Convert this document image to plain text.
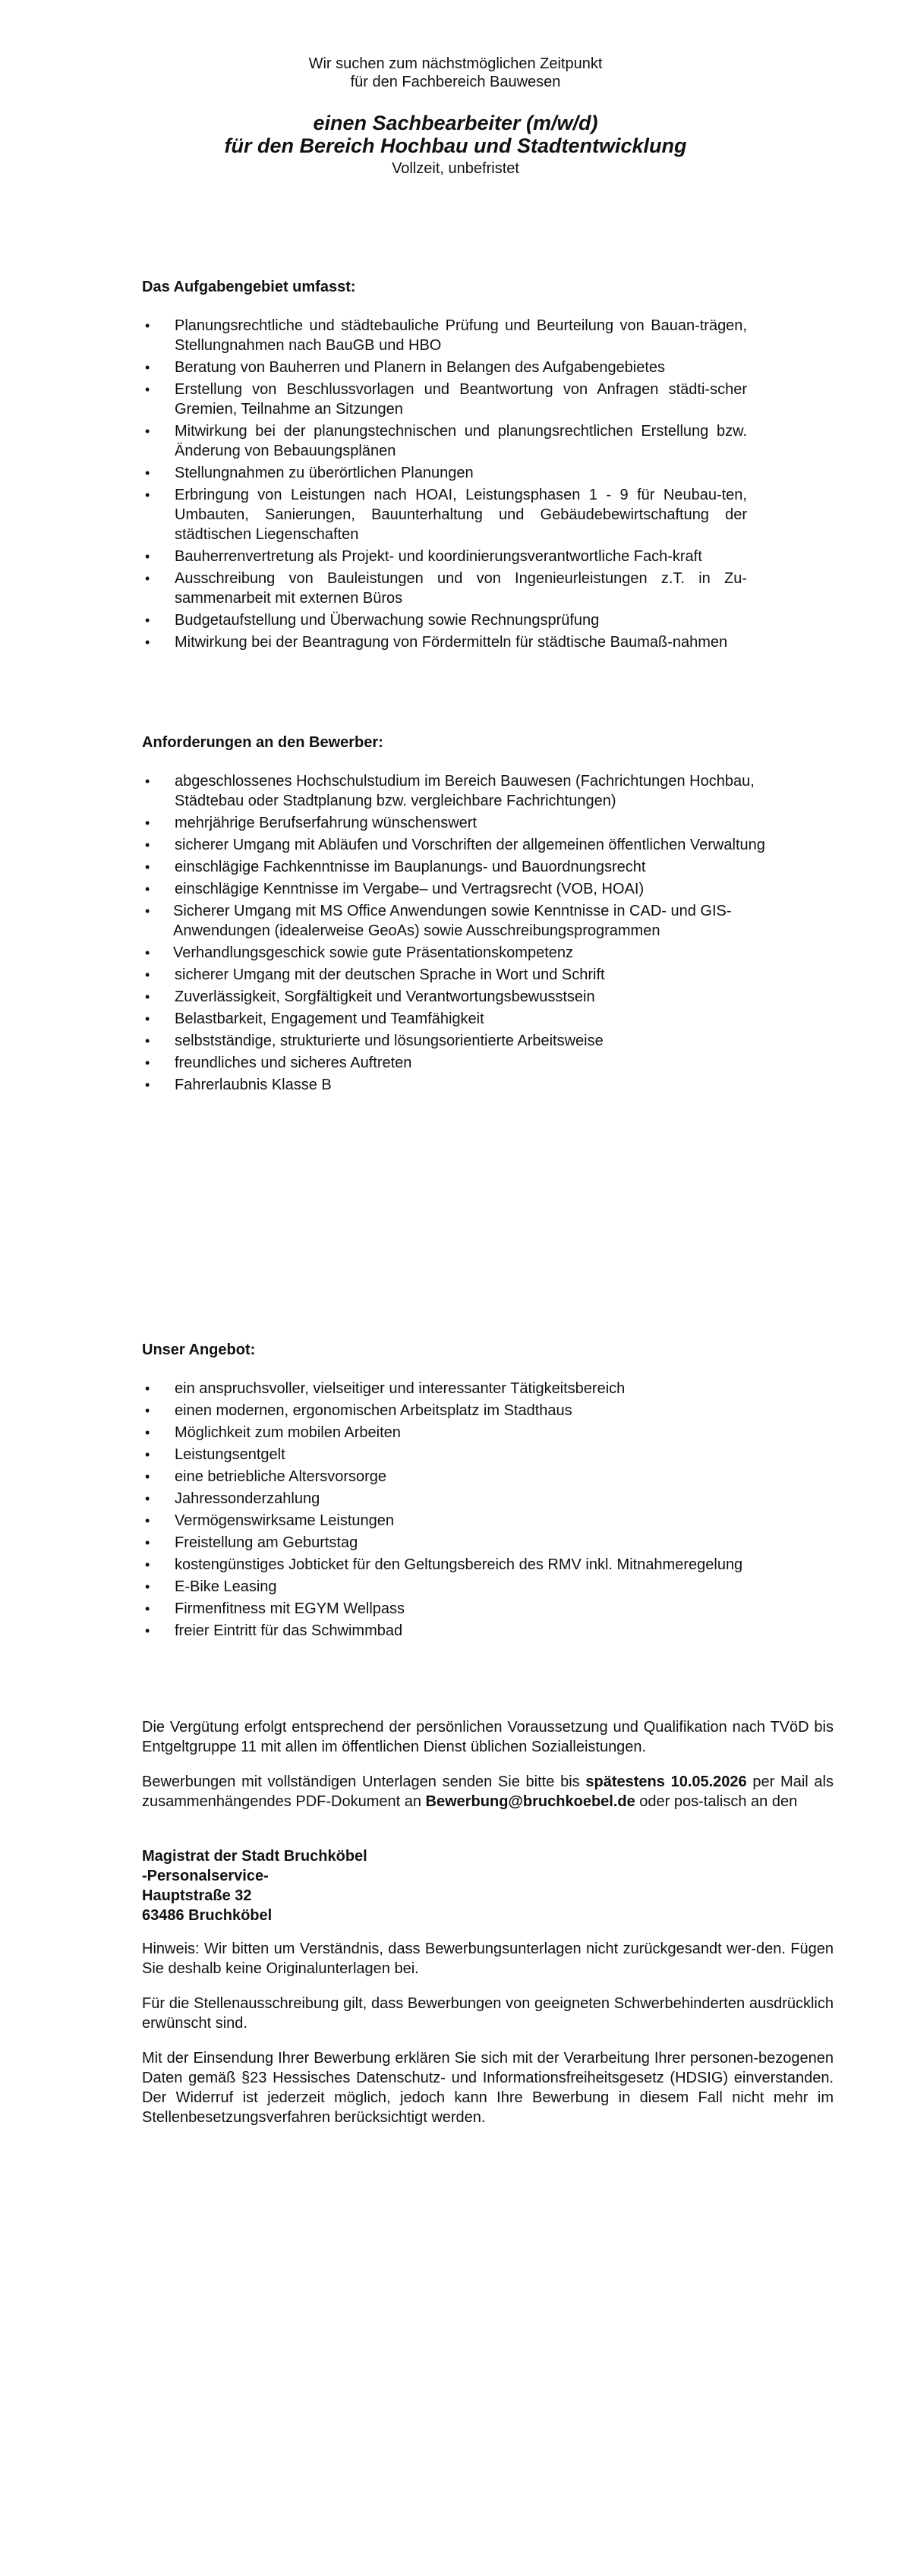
Wir suchen zum nächstmöglichen Zeitpunkt
für den Fachbereich Bauwesen
einen Sachbearbeiter (m/w/d)
für den Bereich Hochbau und Stadtentwicklung
Vollzeit, unbefristet
Das Aufgabengebiet umfasst:
• Planungsrechtliche und städtebauliche Prüfung und Beurteilung von Bauan-trägen, Stellungnahmen nach BauGB und HBO
• Beratung von Bauherren und Planern in Belangen des Aufgabengebietes
• Erstellung von Beschlussvorlagen und Beantwortung von Anfragen städti-scher Gremien, Teilnahme an Sitzungen
• Mitwirkung bei der planungstechnischen und planungsrechtlichen Erstellung bzw. Änderung von Bebauungsplänen
• Stellungnahmen zu überörtlichen Planungen
• Erbringung von Leistungen nach HOAI, Leistungsphasen 1 - 9 für Neubau-ten, Umbauten, Sanierungen, Bauunterhaltung und Gebäudebewirtschaftung der städtischen Liegenschaften
• Bauherrenvertretung als Projekt- und koordinierungsverantwortliche Fach-kraft
• Ausschreibung von Bauleistungen und von Ingenieurleistungen z.T. in Zu-sammenarbeit mit externen Büros
• Budgetaufstellung und Überwachung sowie Rechnungsprüfung
• Mitwirkung bei der Beantragung von Fördermitteln für städtische Baumaß-nahmen
Anforderungen an den Bewerber:
• abgeschlossenes Hochschulstudium im Bereich Bauwesen (Fachrichtungen Hochbau, Städtebau oder Stadtplanung bzw. vergleichbare Fachrichtungen)
• mehrjährige Berufserfahrung wünschenswert
• sicherer Umgang mit Abläufen und Vorschriften der allgemeinen öffentlichen Verwaltung
• einschlägige Fachkenntnisse im Bauplanungs- und Bauordnungsrecht
• einschlägige Kenntnisse im Vergabe– und Vertragsrecht (VOB, HOAI)
• Sicherer Umgang mit MS Office Anwendungen sowie Kenntnisse in CAD- und GIS-Anwendungen (idealerweise GeoAs) sowie Ausschreibungsprogrammen
• Verhandlungsgeschick sowie gute Präsentationskompetenz
• sicherer Umgang mit der deutschen Sprache in Wort und Schrift
• Zuverlässigkeit, Sorgfältigkeit und Verantwortungsbewusstsein
• Belastbarkeit, Engagement und Teamfähigkeit
• selbstständige, strukturierte und lösungsorientierte Arbeitsweise
• freundliches und sicheres Auftreten
• Fahrerlaubnis Klasse B
Unser Angebot:
• ein anspruchsvoller, vielseitiger und interessanter Tätigkeitsbereich
• einen modernen, ergonomischen Arbeitsplatz im Stadthaus
• Möglichkeit zum mobilen Arbeiten
• Leistungsentgelt
• eine betriebliche Altersvorsorge
• Jahressonderzahlung
• Vermögenswirksame Leistungen
• Freistellung am Geburtstag
• kostengünstiges Jobticket für den Geltungsbereich des RMV inkl. Mitnahmeregelung
• E-Bike Leasing
• Firmenfitness mit EGYM Wellpass
• freier Eintritt für das Schwimmbad
Die Vergütung erfolgt entsprechend der persönlichen Voraussetzung und Qualifikation nach TVöD bis Entgeltgruppe 11 mit allen im öffentlichen Dienst üblichen Sozialleistungen.
Bewerbungen mit vollständigen Unterlagen senden Sie bitte bis spätestens 10.05.2026 per Mail als zusammenhängendes PDF-Dokument an Bewerbung@bruchkoebel.de oder pos-talisch an den
Magistrat der Stadt Bruchköbel
-Personalservice-
Hauptstraße 32
63486 Bruchköbel
Hinweis: Wir bitten um Verständnis, dass Bewerbungsunterlagen nicht zurückgesandt wer-den. Fügen Sie deshalb keine Originalunterlagen bei.
Für die Stellenausschreibung gilt, dass Bewerbungen von geeigneten Schwerbehinderten ausdrücklich erwünscht sind.
Mit der Einsendung Ihrer Bewerbung erklären Sie sich mit der Verarbeitung Ihrer personen-bezogenen Daten gemäß §23 Hessisches Datenschutz- und Informationsfreiheitsgesetz (HDSIG) einverstanden. Der Widerruf ist jederzeit möglich, jedoch kann Ihre Bewerbung in diesem Fall nicht mehr im Stellenbesetzungsverfahren berücksichtigt werden.
